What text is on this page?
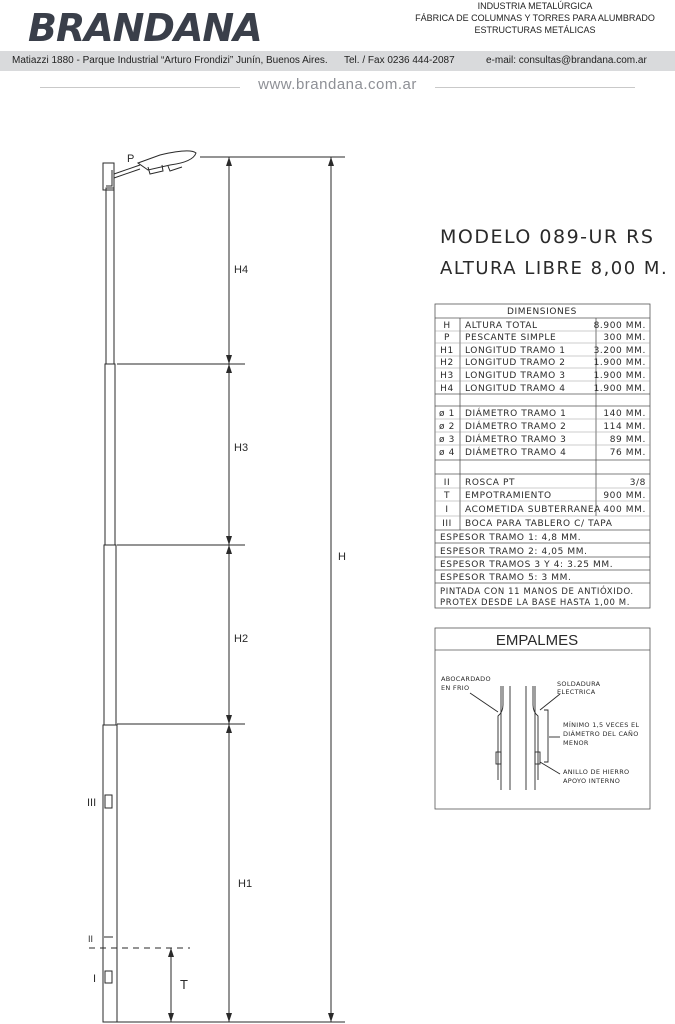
BRANDANA	INDUSTRIA METALÚRGICA
FÁBRICA DE COLUMNAS Y TORRES PARA ALUMBRADO
ESTRUCTURAS METÁLICAS
Matiazzi 1880 - Parque Industrial “Arturo Frondizi” Junín, Buenos Aires. Tel. / Fax 0236 444-2087	e-mail: consultas@brandana.com.ar
www.brandana.com.ar
P
H4
H3
H2
H1
H
T
III
II
I
MODELO 089-UR RS
ALTURA LIBRE 8,00 M.
DIMENSIONES
PINTADA CON 11 MANOS DE ANTIÓXIDO.
PROTEX DESDE LA BASE HASTA 1,00 M.
H ALTURA TOTAL	8.900 MM.
P PESCANTE SIMPLE	300 MM.
H1 LONGITUD TRAMO 1	3.200 MM.
H2 LONGITUD TRAMO 2	1.900 MM.
H3 LONGITUD TRAMO 3	1.900 MM.
H4 LONGITUD TRAMO 4	1.900 MM.
ø 1 DIÁMETRO TRAMO 1	140 MM.
ø 2 DIÁMETRO TRAMO 2	114 MM.
ø 3 DIÁMETRO TRAMO 3	89 MM.
ø 4 DIÁMETRO TRAMO 4	76 MM.
II ROSCA PT	3/8
T EMPOTRAMIENTO	900 MM.
I ACOMETIDA SUBTERRANEA 400 MM.
III BOCA PARA TABLERO C/ TAPA
ESPESOR TRAMO 1: 4,8 MM.
ESPESOR TRAMO 2: 4,05 MM.
ESPESOR TRAMOS 3 Y 4: 3.25 MM.
ESPESOR TRAMO 5: 3 MM.
EMPALMES
ABOCARDADO
EN FRIO	SOLDADURA
ELECTRICA
MÍNIMO 1,5 VECES EL
DIÁMETRO DEL CAÑO
MENOR
ANILLO DE HIERRO
APOYO INTERNO
